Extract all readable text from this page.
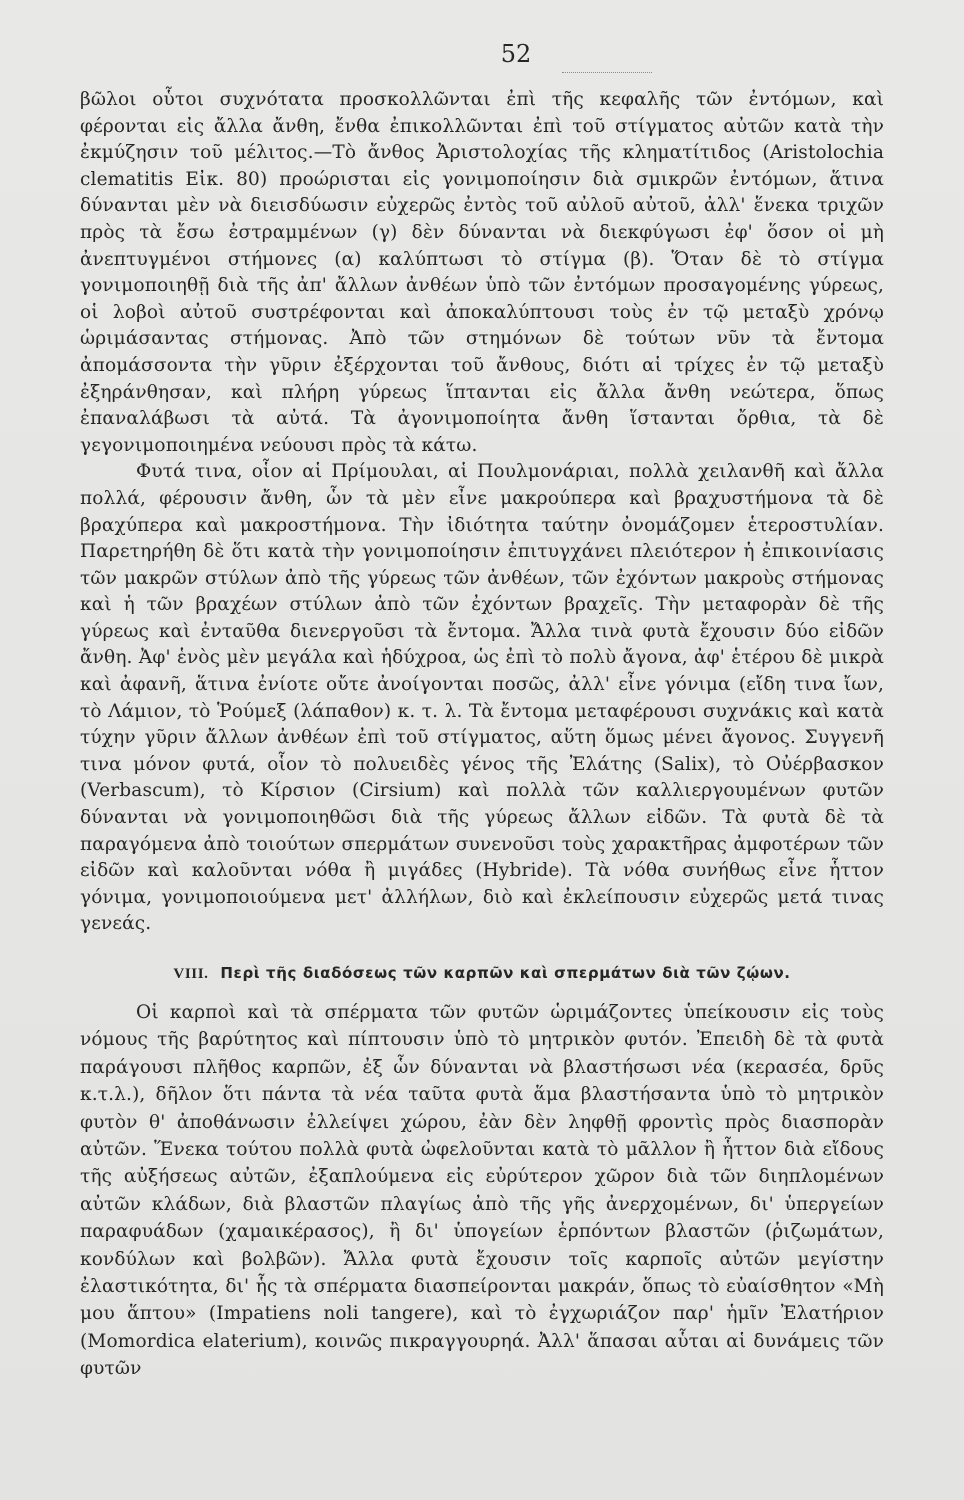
52

βῶλοι οὗτοι συχνότατα προσκολλῶνται ἐπὶ τῆς κεφαλῆς τῶν ἐντόμων, καὶ φέρονται εἰς ἄλλα ἄνθη, ἔνθα ἐπικολλῶνται ἐπὶ τοῦ στίγματος αὐτῶν κατὰ τὴν ἐκμύζησιν τοῦ μέλιτος.—Τὸ ἄνθος Ἀριστολοχίας τῆς κληματίτιδος (Aristolochia clematitis Εἰκ. 80) προώρισται εἰς γονιμοποίησιν διὰ σμικρῶν ἐντόμων, ἅτινα δύνανται μὲν νὰ διεισδύωσιν εὐχερῶς ἐντὸς τοῦ αὐλοῦ αὐτοῦ, ἀλλ' ἕνεκα τριχῶν πρὸς τὰ ἔσω ἐστραμμένων (γ) δὲν δύνανται νὰ διεκφύγωσι ἐφ' ὅσον οἱ μὴ ἀνεπτυγμένοι στήμονες (α) καλύπτωσι τὸ στίγμα (β). Ὅταν δὲ τὸ στίγμα γονιμοποιηθῇ διὰ τῆς ἀπ' ἄλλων ἀνθέων ὑπὸ τῶν ἐντόμων προσαγομένης γύρεως, οἱ λοβοὶ αὐτοῦ συστρέφονται καὶ ἀποκαλύπτουσι τοὺς ἐν τῷ μεταξὺ χρόνῳ ὡριμάσαντας στήμονας. Ἀπὸ τῶν στημόνων δὲ τούτων νῦν τὰ ἔντομα ἀπομάσσοντα τὴν γῦριν ἐξέρχονται τοῦ ἄνθους, διότι αἱ τρίχες ἐν τῷ μεταξὺ ἐξηράνθησαν, καὶ πλήρη γύρεως ἵπτανται εἰς ἄλλα ἄνθη νεώτερα, ὅπως ἐπαναλάβωσι τὰ αὐτά. Τὰ ἀγονιμοποίητα ἄνθη ἵστανται ὄρθια, τὰ δὲ γεγονιμοποιημένα νεύουσι πρὸς τὰ κάτω.

Φυτά τινα, οἷον αἱ Πρίμουλαι, αἱ Πουλμονάριαι, πολλὰ χειλανθῆ καὶ ἄλλα πολλά, φέρουσιν ἄνθη, ὧν τὰ μὲν εἶνε μακρούπερα καὶ βραχυστήμονα τὰ δὲ βραχύπερα καὶ μακροστήμονα. Τὴν ἰδιότητα ταύτην ὀνομάζομεν ἑτεροστυλίαν. Παρετηρήθη δὲ ὅτι κατὰ τὴν γονιμοποίησιν ἐπιτυγχάνει πλειότερον ἡ ἐπικοινίασις τῶν μακρῶν στύλων ἀπὸ τῆς γύρεως τῶν ἀνθέων, τῶν ἐχόντων μακροὺς στήμονας καὶ ἡ τῶν βραχέων στύλων ἀπὸ τῶν ἐχόντων βραχεῖς. Τὴν μεταφορὰν δὲ τῆς γύρεως καὶ ἐνταῦθα διενεργοῦσι τὰ ἔντομα. Ἄλλα τινὰ φυτὰ ἔχουσιν δύο εἰδῶν ἄνθη. Ἀφ' ἑνὸς μὲν μεγάλα καὶ ἡδύχροα, ὡς ἐπὶ τὸ πολὺ ἄγονα, ἀφ' ἑτέρου δὲ μικρὰ καὶ ἀφανῆ, ἅτινα ἐνίοτε οὔτε ἀνοίγονται ποσῶς, ἀλλ' εἶνε γόνιμα (εἴδη τινα ἴων, τὸ Λάμιον, τὸ Ῥούμεξ (λάπαθον) κ. τ. λ. Τὰ ἔντομα μεταφέρουσι συχνάκις καὶ κατὰ τύχην γῦριν ἄλλων ἀνθέων ἐπὶ τοῦ στίγματος, αὕτη ὅμως μένει ἄγονος. Συγγενῆ τινα μόνον φυτά, οἷον τὸ πολυειδὲς γένος τῆς Ἐλάτης (Salix), τὸ Οὐέρβασκον (Verbascum), τὸ Κίρσιον (Cirsium) καὶ πολλὰ τῶν καλλιεργουμένων φυτῶν δύνανται νὰ γονιμοποιηθῶσι διὰ τῆς γύρεως ἄλλων εἰδῶν. Τὰ φυτὰ δὲ τὰ παραγόμενα ἀπὸ τοιούτων σπερμάτων συνενοῦσι τοὺς χαρακτῆρας ἀμφοτέρων τῶν εἰδῶν καὶ καλοῦνται νόθα ἢ μιγάδες (Hybride). Τὰ νόθα συνήθως εἶνε ἧττον γόνιμα, γονιμοποιούμενα μετ' ἀλλήλων, διὸ καὶ ἐκλείπουσιν εὐχερῶς μετά τινας γενεάς.

VIII. Περὶ τῆς διαδόσεως τῶν καρπῶν καὶ σπερμάτων διὰ τῶν ζῴων.

Οἱ καρποὶ καὶ τὰ σπέρματα τῶν φυτῶν ὡριμάζοντες ὑπείκουσιν εἰς τοὺς νόμους τῆς βαρύτητος καὶ πίπτουσιν ὑπὸ τὸ μητρικὸν φυτόν. Ἐπειδὴ δὲ τὰ φυτὰ παράγουσι πλῆθος καρπῶν, ἐξ ὧν δύνανται νὰ βλαστήσωσι νέα (κερασέα, δρῦς κ.τ.λ.), δῆλον ὅτι πάντα τὰ νέα ταῦτα φυτὰ ἅμα βλαστήσαντα ὑπὸ τὸ μητρικὸν φυτὸν θ' ἀποθάνωσιν ἐλλείψει χώρου, ἐὰν δὲν ληφθῇ φροντὶς πρὸς διασπορὰν αὐτῶν. Ἕνεκα τούτου πολλὰ φυτὰ ὠφελοῦνται κατὰ τὸ μᾶλλον ἢ ἧττον διὰ εἴδους τῆς αὐξήσεως αὐτῶν, ἐξαπλούμενα εἰς εὐρύτερον χῶρον διὰ τῶν διηπλομένων αὐτῶν κλάδων, διὰ βλαστῶν πλαγίως ἀπὸ τῆς γῆς ἀνερχομένων, δι' ὑπεργείων παραφυάδων (χαμαικέρασος), ἢ δι' ὑπογείων ἑρπόντων βλαστῶν (ῥιζωμάτων, κονδύλων καὶ βολβῶν). Ἄλλα φυτὰ ἔχουσιν τοῖς καρποῖς αὐτῶν μεγίστην ἐλαστικότητα, δι' ἧς τὰ σπέρματα διασπείρονται μακράν, ὅπως τὸ εὐαίσθητον «Μὴ μου ἅπτου» (Impatiens noli tangere), καὶ τὸ ἐγχωριάζον παρ' ἡμῖν Ἐλατήριον (Momordica elaterium), κοινῶς πικραγγουρηά. Ἀλλ' ἅπασαι αὗται αἱ δυνάμεις τῶν φυτῶν
